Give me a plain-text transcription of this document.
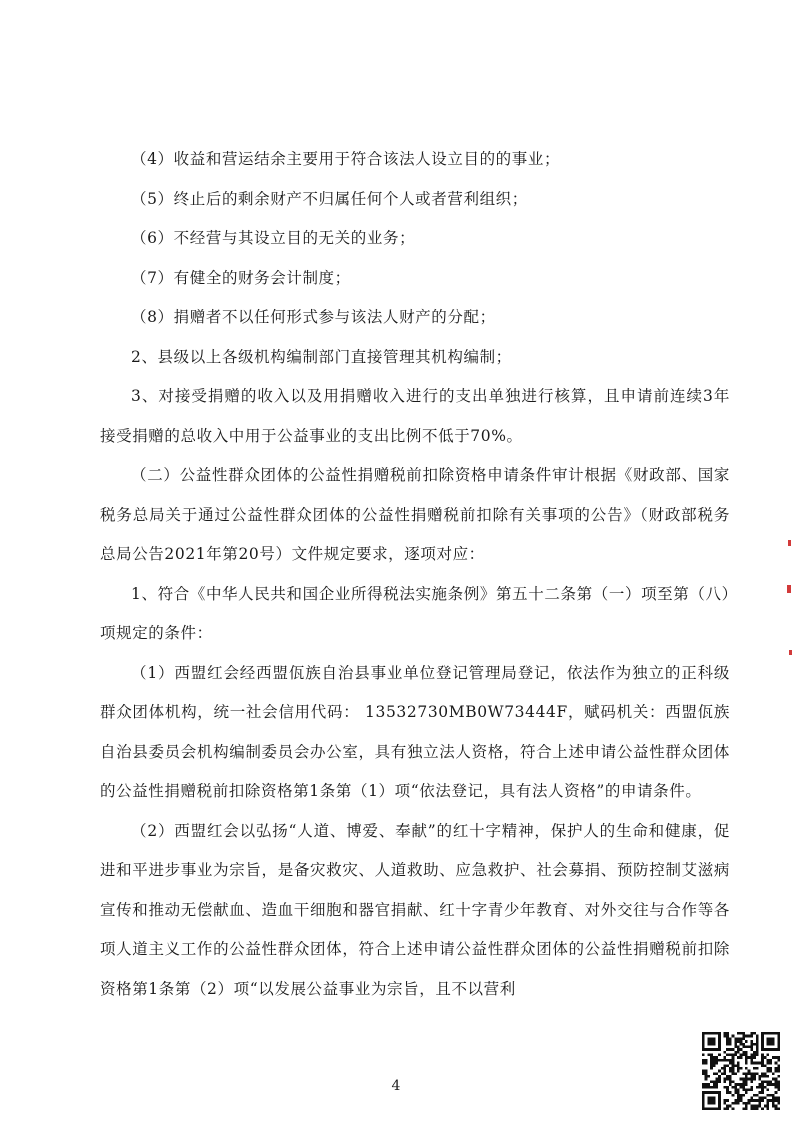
（4）收益和营运结余主要用于符合该法人设立目的的事业；

（5）终止后的剩余财产不归属任何个人或者营利组织；

（6）不经营与其设立目的无关的业务；

（7）有健全的财务会计制度；

（8）捐赠者不以任何形式参与该法人财产的分配；

2、县级以上各级机构编制部门直接管理其机构编制；

3、对接受捐赠的收入以及用捐赠收入进行的支出单独进行核算，且申请前连续3年接受捐赠的总收入中用于公益事业的支出比例不低于70%。

（二）公益性群众团体的公益性捐赠税前扣除资格申请条件审计根据《财政部、国家税务总局关于通过公益性群众团体的公益性捐赠税前扣除有关事项的公告》（财政部税务总局公告2021年第20号）文件规定要求，逐项对应：

1、符合《中华人民共和国企业所得税法实施条例》第五十二条第（一）项至第（八）项规定的条件：

（1）西盟红会经西盟佤族自治县事业单位登记管理局登记，依法作为独立的正科级群众团体机构，统一社会信用代码： 13532730MB0W73444F，赋码机关：西盟佤族自治县委员会机构编制委员会办公室，具有独立法人资格，符合上述申请公益性群众团体的公益性捐赠税前扣除资格第1条第（1）项“依法登记，具有法人资格”的申请条件。

（2）西盟红会以弘扬“人道、博爱、奉献”的红十字精神，保护人的生命和健康，促进和平进步事业为宗旨，是备灾救灾、人道救助、应急救护、社会募捐、预防控制艾滋病宣传和推动无偿献血、造血干细胞和器官捐献、红十字青少年教育、对外交往与合作等各项人道主义工作的公益性群众团体，符合上述申请公益性群众团体的公益性捐赠税前扣除资格第1条第（2）项“以发展公益事业为宗旨，且不以营利

4
